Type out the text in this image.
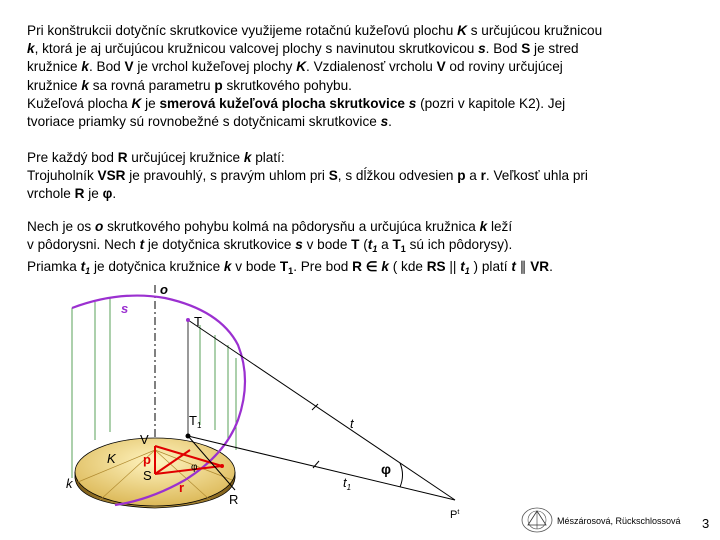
Pri konštrukcii dotyčníc skrutkovice využijeme rotačnú kužeľovú plochu K s určujúcou kružnicou
k, ktorá je aj určujúcou kružnicou valcovej plochy s navinutou skrutkovicou s. Bod S je stred
kružnice k. Bod V je vrchol kužeľovej plochy K. Vzdialenosť vrcholu V od roviny určujúcej
kružnice k sa rovná parametru p skrutkového pohybu.
Kužeľová plocha K je smerová kužeľová plocha skrutkovice s (pozri v kapitole K2). Jej
tvoriace priamky sú rovnobežné s dotyčnicami skrutkovice s.
Pre každý bod R určujúcej kružnice k platí:
Trojuholník VSR je pravouhlý, s pravým uhlom pri S, s dĺžkou odvesien p a r. Veľkosť uhla pri
vrchole R je φ.
Nech je os o skrutkového pohybu kolmá na pôdorysňu a určujúca kružnica k leží
v pôdorysni. Nech t je dotyčnica skrutkovice s v bode T ($t_1$ a $T_1$ sú ich pôdorysy).
Priamka $t_1$ je dotyčnica kružnice k v bode $T_1$. Pre bod R ∈ k ( kde RS || $t_1$ ) platí t ∥ VR.
o
s
T
$T_1$	t
V
K
k
p
S
r
φ
R
$t_1$
φ
$P^t$
Mészárosová, Rückschlossová 3
